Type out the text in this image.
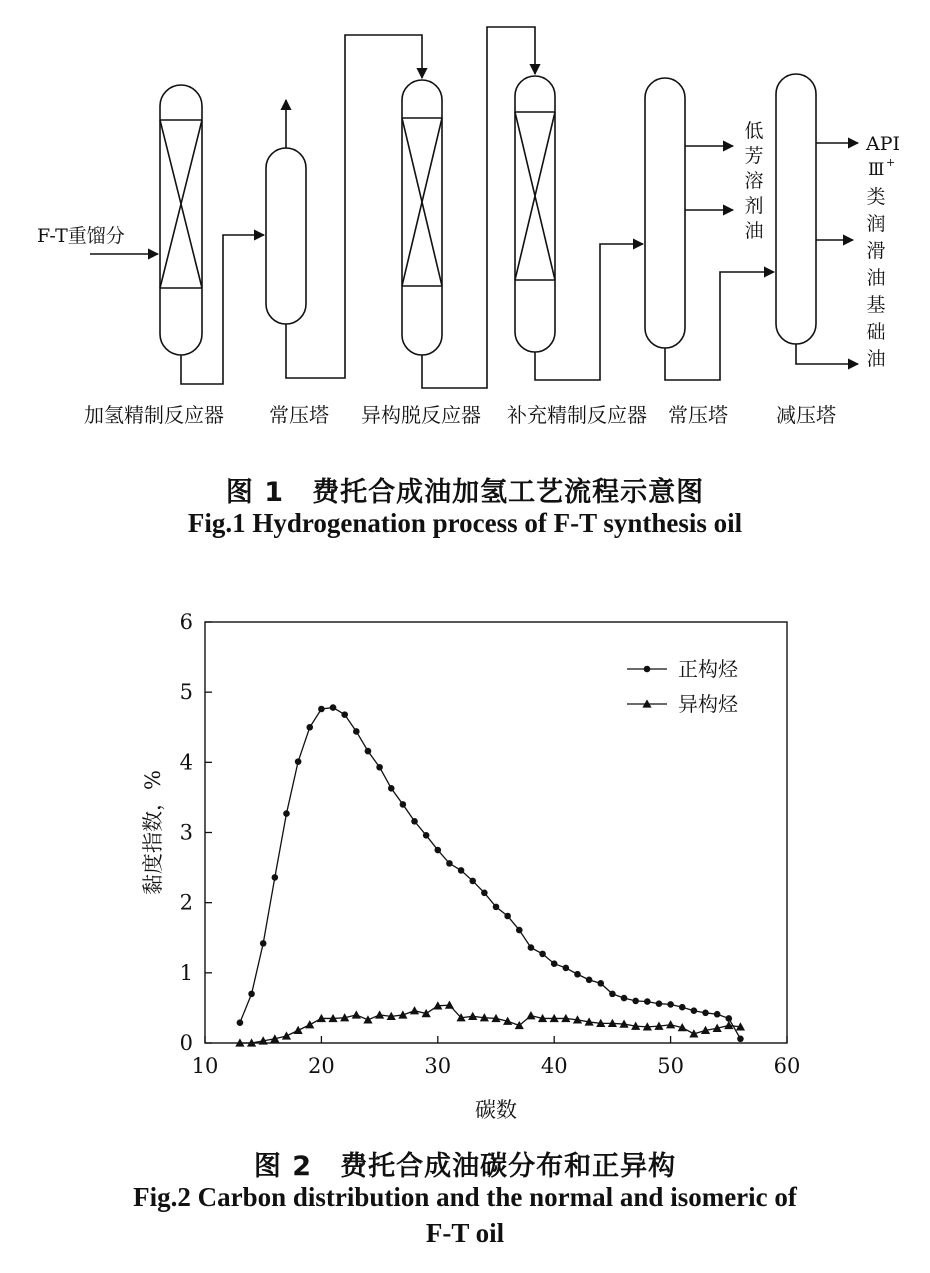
F-T重馏分
加氢精制反应器 常压塔 异构脱反应器 补充精制反应器 常压塔 减压塔
低
芳
溶
剂
油
API
Ⅲ +
类
润
滑
油
基
础
油
图 1　费托合成油加氢工艺流程示意图
Fig.1 Hydrogenation process of F-T synthesis oil
10	20	30	40	50	60
0
1
2
3
4
5
6
正构烃
异构烃
黏度指数，%
碳数
图 2　费托合成油碳分布和正异构
Fig.2 Carbon distribution and the normal and isomeric of
F-T oil
